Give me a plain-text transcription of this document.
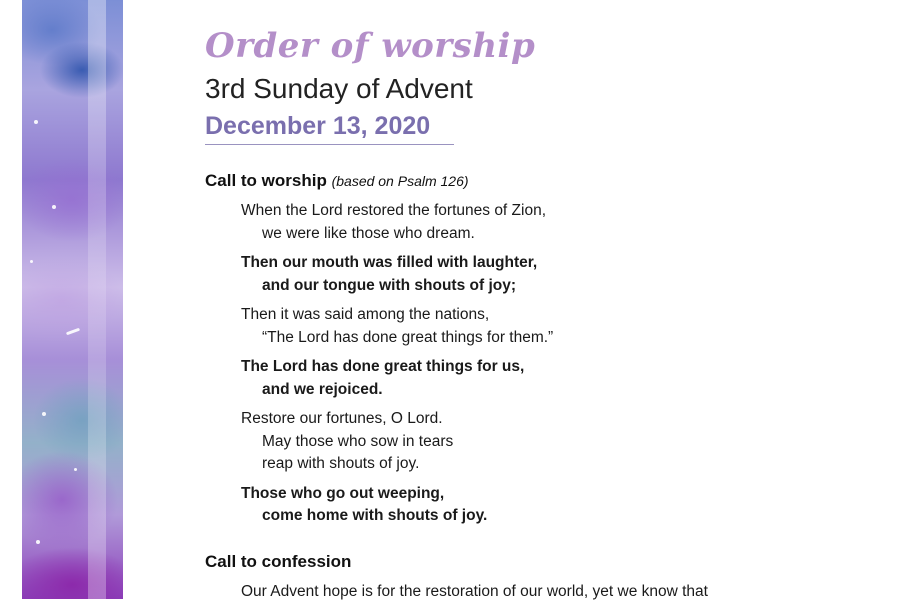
Order of worship
3rd Sunday of Advent
December 13, 2020
Call to worship (based on Psalm 126)

When the Lord restored the fortunes of Zion,
we were like those who dream.

Then our mouth was filled with laughter,
and our tongue with shouts of joy;

Then it was said among the nations,
“The Lord has done great things for them.”

The Lord has done great things for us,
and we rejoiced.

Restore our fortunes, O Lord.
May those who sow in tears
reap with shouts of joy.

Those who go out weeping,
come home with shouts of joy.

Call to confession

Our Advent hope is for the restoration of our world, yet we know that
